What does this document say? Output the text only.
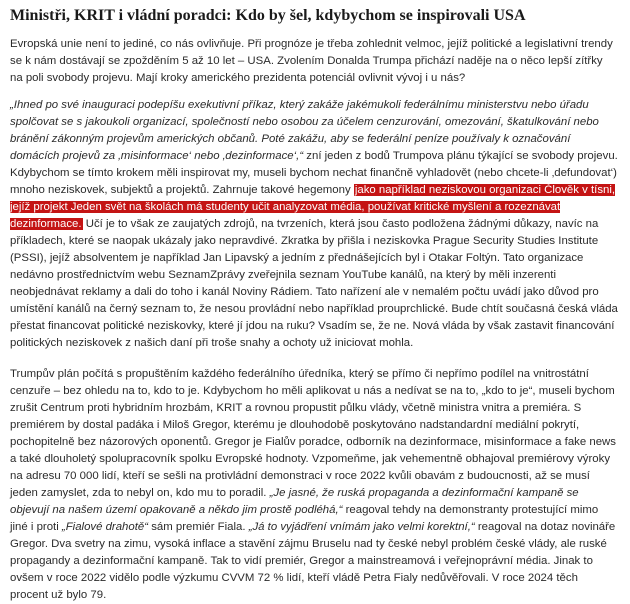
Ministři, KRIT i vládní poradci: Kdo by šel, kdybychom se inspirovali USA

Evropská unie není to jediné, co nás ovlivňuje. Při prognóze je třeba zohlednit velmoc, jejíž politické a legislativní trendy se k nám dostávají se zpožděním 5 až 10 let – USA. Zvolením Donalda Trumpa přichází naděje na o něco lepší zítřky na poli svobody projevu. Mají kroky amerického prezidenta potenciál ovlivnit vývoj i u nás?

„Ihned po své inauguraci podepíšu exekutivní příkaz, který zakáže jakémukoli federálnímu ministerstvu nebo úřadu spolčovat se s jakoukoli organizací, společností nebo osobou za účelem cenzurování, omezování, škatulkování nebo bránění zákonným projevům amerických občanů. Poté zakážu, aby se federální peníze používaly k označování domácích projevů za ‚misinformace‘ nebo ‚dezinformace‘,“ zní jeden z bodů Trumpova plánu týkající se svobody projevu. Kdybychom se tímto krokem měli inspirovat my, museli bychom nechat finančně vyhladovět (nebo chcete-li ‚defundovat‘) mnoho neziskovek, subjektů a projektů. Zahrnuje takové hegemony jako například neziskovou organizaci Člověk v tísni, jejíž projekt Jeden svět na školách má studenty učit analyzovat média, používat kritické myšlení a rozeznávat dezinformace. Učí je to však ze zaujatých zdrojů, na tvrzeních, která jsou často podložena žádnými důkazy, navíc na příkladech, které se naopak ukázaly jako nepravdivé. Zkratka by přišla i neziskovka Prague Security Studies Institute (PSSI), jejíž absolventem je například Jan Lipavský a jedním z přednášejících byl i Otakar Foltýn. Tato organizace nedávno prostřednictvím webu SeznamZprávy zveřejnila seznam YouTube kanálů, na který by měli inzerenti neobjednávat reklamy a dali do toho i kanál Noviny Rádiem. Tato nařízení ale v nemalém počtu uvádí jako důvod pro umístění kanálů na černý seznam to, že nesou provládní nebo například prouprchlické. Bude chtít současná česká vláda přestat financovat politické neziskovky, které jí jdou na ruku? Vsadím se, že ne. Nová vláda by však zastavit financování politických neziskovek z našich daní při troše snahy a ochoty už iniciovat mohla.

Trumpův plán počítá s propuštěním každého federálního úředníka, který se přímo či nepřímo podílel na vnitrostátní cenzuře – bez ohledu na to, kdo to je. Kdybychom ho měli aplikovat u nás a nedívat se na to, „kdo to je“, museli bychom zrušit Centrum proti hybridním hrozbám, KRIT a rovnou propustit půlku vlády, včetně ministra vnitra a premiéra. S premiérem by dostal padáka i Miloš Gregor, kterému je dlouhodobě poskytováno nadstandardní mediální pokrytí, pochopitelně bez názorových oponentů. Gregor je Fialův poradce, odborník na dezinformace, misinformace a fake news a také dlouholetý spolupracovník spolku Evropské hodnoty. Vzpomeňme, jak vehementně obhajoval premiérovy výroky na adresu 70 000 lidí, kteří se sešli na protivládní demonstraci v roce 2022 kvůli obavám z budoucnosti, až se musí jeden zamyslet, zda to nebyl on, kdo mu to poradil. „Je jasné, že ruská propaganda a dezinformační kampaně se objevují na našem území opakovaně a někdo jim prostě podléhá,“ reagoval tehdy na demonstranty protestující mimo jiné i proti „Fialové drahotě“ sám premiér Fiala. „Já to vyjádření vnímám jako velmi korektní,“ reagoval na dotaz novináře Gregor. Dva svetry na zimu, vysoká inflace a stavění zájmu Bruselu nad ty české nebyl problém české vlády, ale ruské propagandy a dezinformační kampaně. Tak to vidí premiér, Gregor a mainstreamová i veřejnoprávní média. Jinak to ovšem v roce 2022 vidělo podle výzkumu CVVM 72 % lidí, kteří vládě Petra Fialy nedůvěřovali. V roce 2024 těch procent už bylo 79.
